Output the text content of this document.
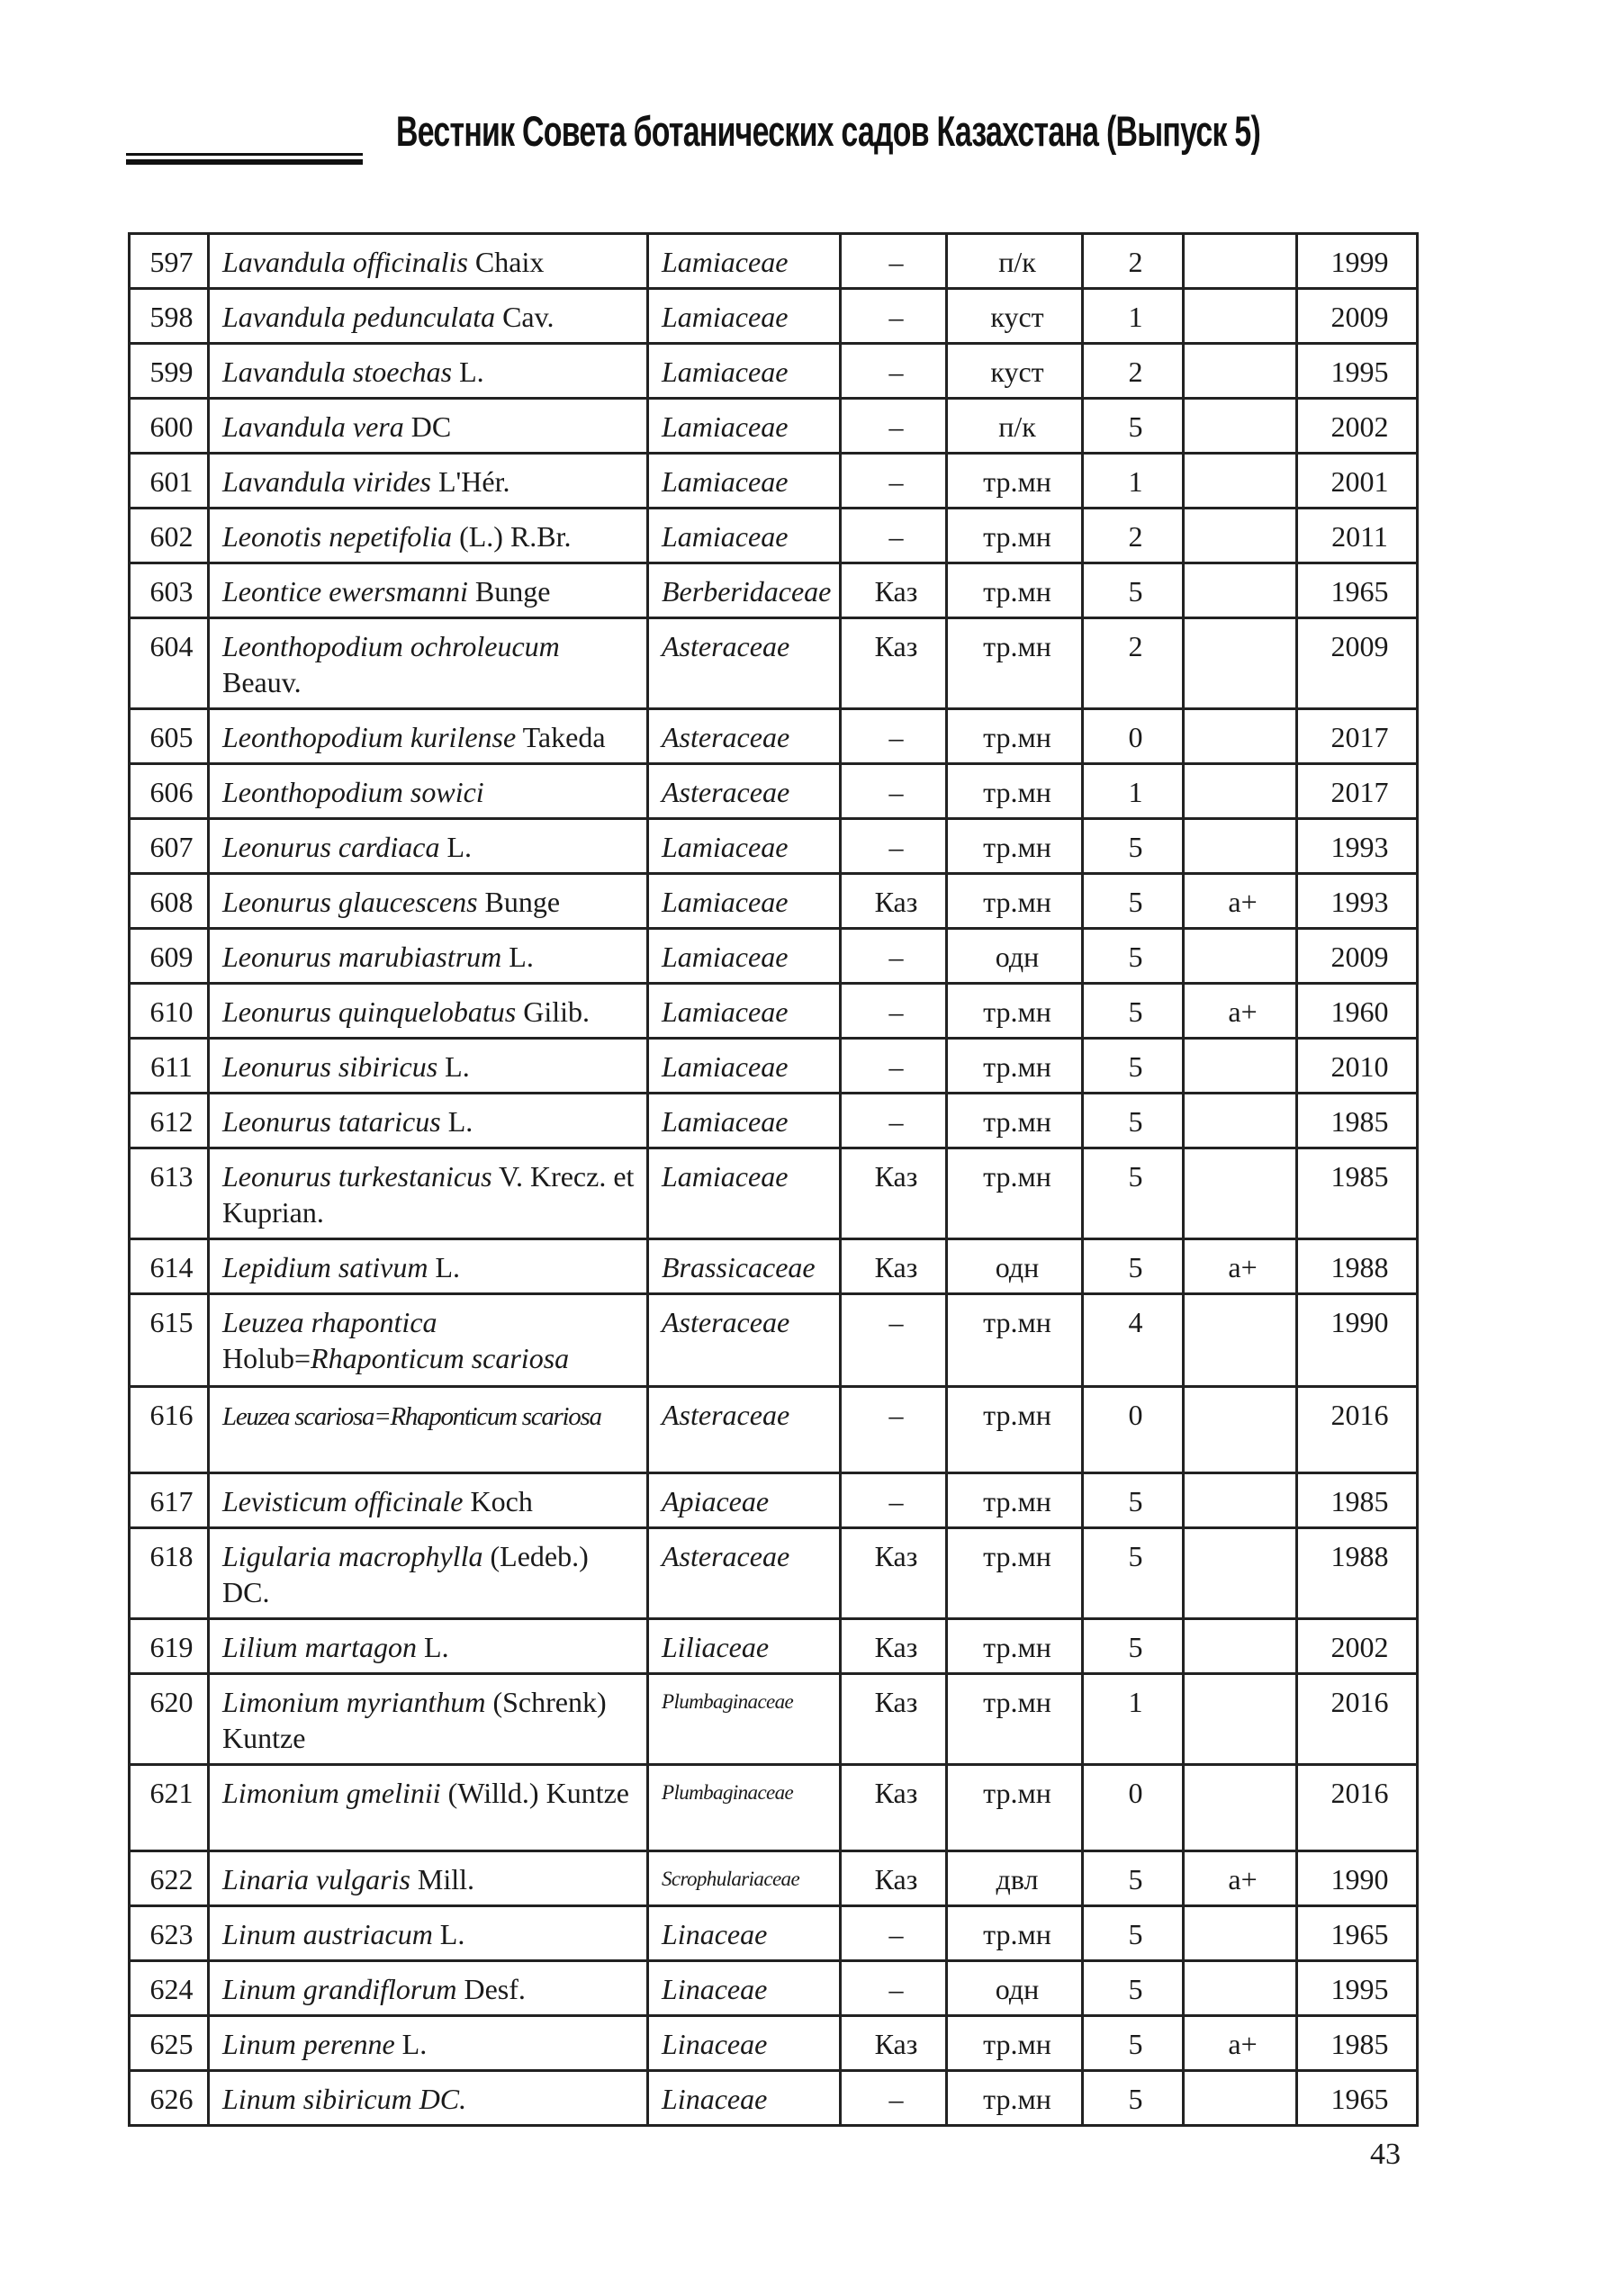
Вестник Совета ботанических садов Казахстана (Выпуск 5)
597	Lavandula officinalis Chaix	Lamiaceae	–	п/к	2		1999
598	Lavandula pedunculata Cav.	Lamiaceae	–	куст	1		2009
599	Lavandula stoechas L.	Lamiaceae	–	куст	2		1995
600	Lavandula vera DC	Lamiaceae	–	п/к	5		2002
601	Lavandula virides L'Hér.	Lamiaceae	–	тр.мн	1		2001
602	Leonotis nepetifolia (L.) R.Br.	Lamiaceae	–	тр.мн	2		2011
603	Leontice ewersmanni Bunge	Berberidaceae	Каз	тр.мн	5		1965
604	Leonthopodium ochroleucum Beauv.	Asteraceae	Каз	тр.мн	2		2009
605	Leonthopodium kurilense Takeda	Asteraceae	–	тр.мн	0		2017
606	Leonthopodium sowici	Asteraceae	–	тр.мн	1		2017
607	Leonurus cardiaca L.	Lamiaceae	–	тр.мн	5		1993
608	Leonurus glaucescens Bunge	Lamiaceae	Каз	тр.мн	5	а+	1993
609	Leonurus marubiastrum L.	Lamiaceae	–	одн	5		2009
610	Leonurus quinquelobatus Gilib.	Lamiaceae	–	тр.мн	5	а+	1960
611	Leonurus sibiricus L.	Lamiaceae	–	тр.мн	5		2010
612	Leonurus tataricus L.	Lamiaceae	–	тр.мн	5		1985
613	Leonurus turkestanicus V. Krecz. et Kuprian.	Lamiaceae	Каз	тр.мн	5		1985
614	Lepidium sativum L.	Brassicaceae	Каз	одн	5	а+	1988
615	Leuzea rhapontica Holub=Rhaponticum scariosa	Asteraceae	–	тр.мн	4		1990
616	Leuzea scariosa=Rhaponticum scariosa	Asteraceae	–	тр.мн	0		2016
617	Levisticum officinale Koch	Apiaceae	–	тр.мн	5		1985
618	Ligularia macrophylla (Ledeb.) DC.	Asteraceae	Каз	тр.мн	5		1988
619	Lilium martagon L.	Liliaceae	Каз	тр.мн	5		2002
620	Limonium myrianthum (Schrenk) Kuntze	Plumbaginaceae	Каз	тр.мн	1		2016
621	Limonium gmelinii (Willd.) Kuntze	Plumbaginaceae	Каз	тр.мн	0		2016
622	Linaria vulgaris Mill.	Scrophulariaceae	Каз	двл	5	а+	1990
623	Linum austriacum L.	Linaceae	–	тр.мн	5		1965
624	Linum grandiflorum Desf.	Linaceae	–	одн	5		1995
625	Linum perenne L.	Linaceae	Каз	тр.мн	5	а+	1985
626	Linum sibiricum DC.	Linaceae	–	тр.мн	5		1965
43
